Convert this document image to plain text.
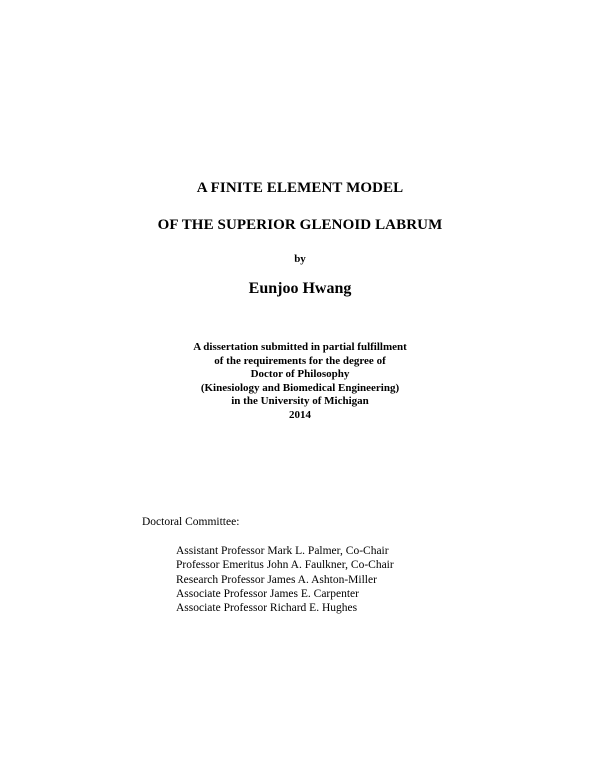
A FINITE ELEMENT MODEL
OF THE SUPERIOR GLENOID LABRUM
by
Eunjoo Hwang
A dissertation submitted in partial fulfillment
of the requirements for the degree of
Doctor of Philosophy
(Kinesiology and Biomedical Engineering)
in the University of Michigan
2014
Doctoral Committee:
Assistant Professor Mark L. Palmer, Co-Chair
Professor Emeritus John A. Faulkner, Co-Chair
Research Professor James A. Ashton-Miller
Associate Professor James E. Carpenter
Associate Professor Richard E. Hughes
